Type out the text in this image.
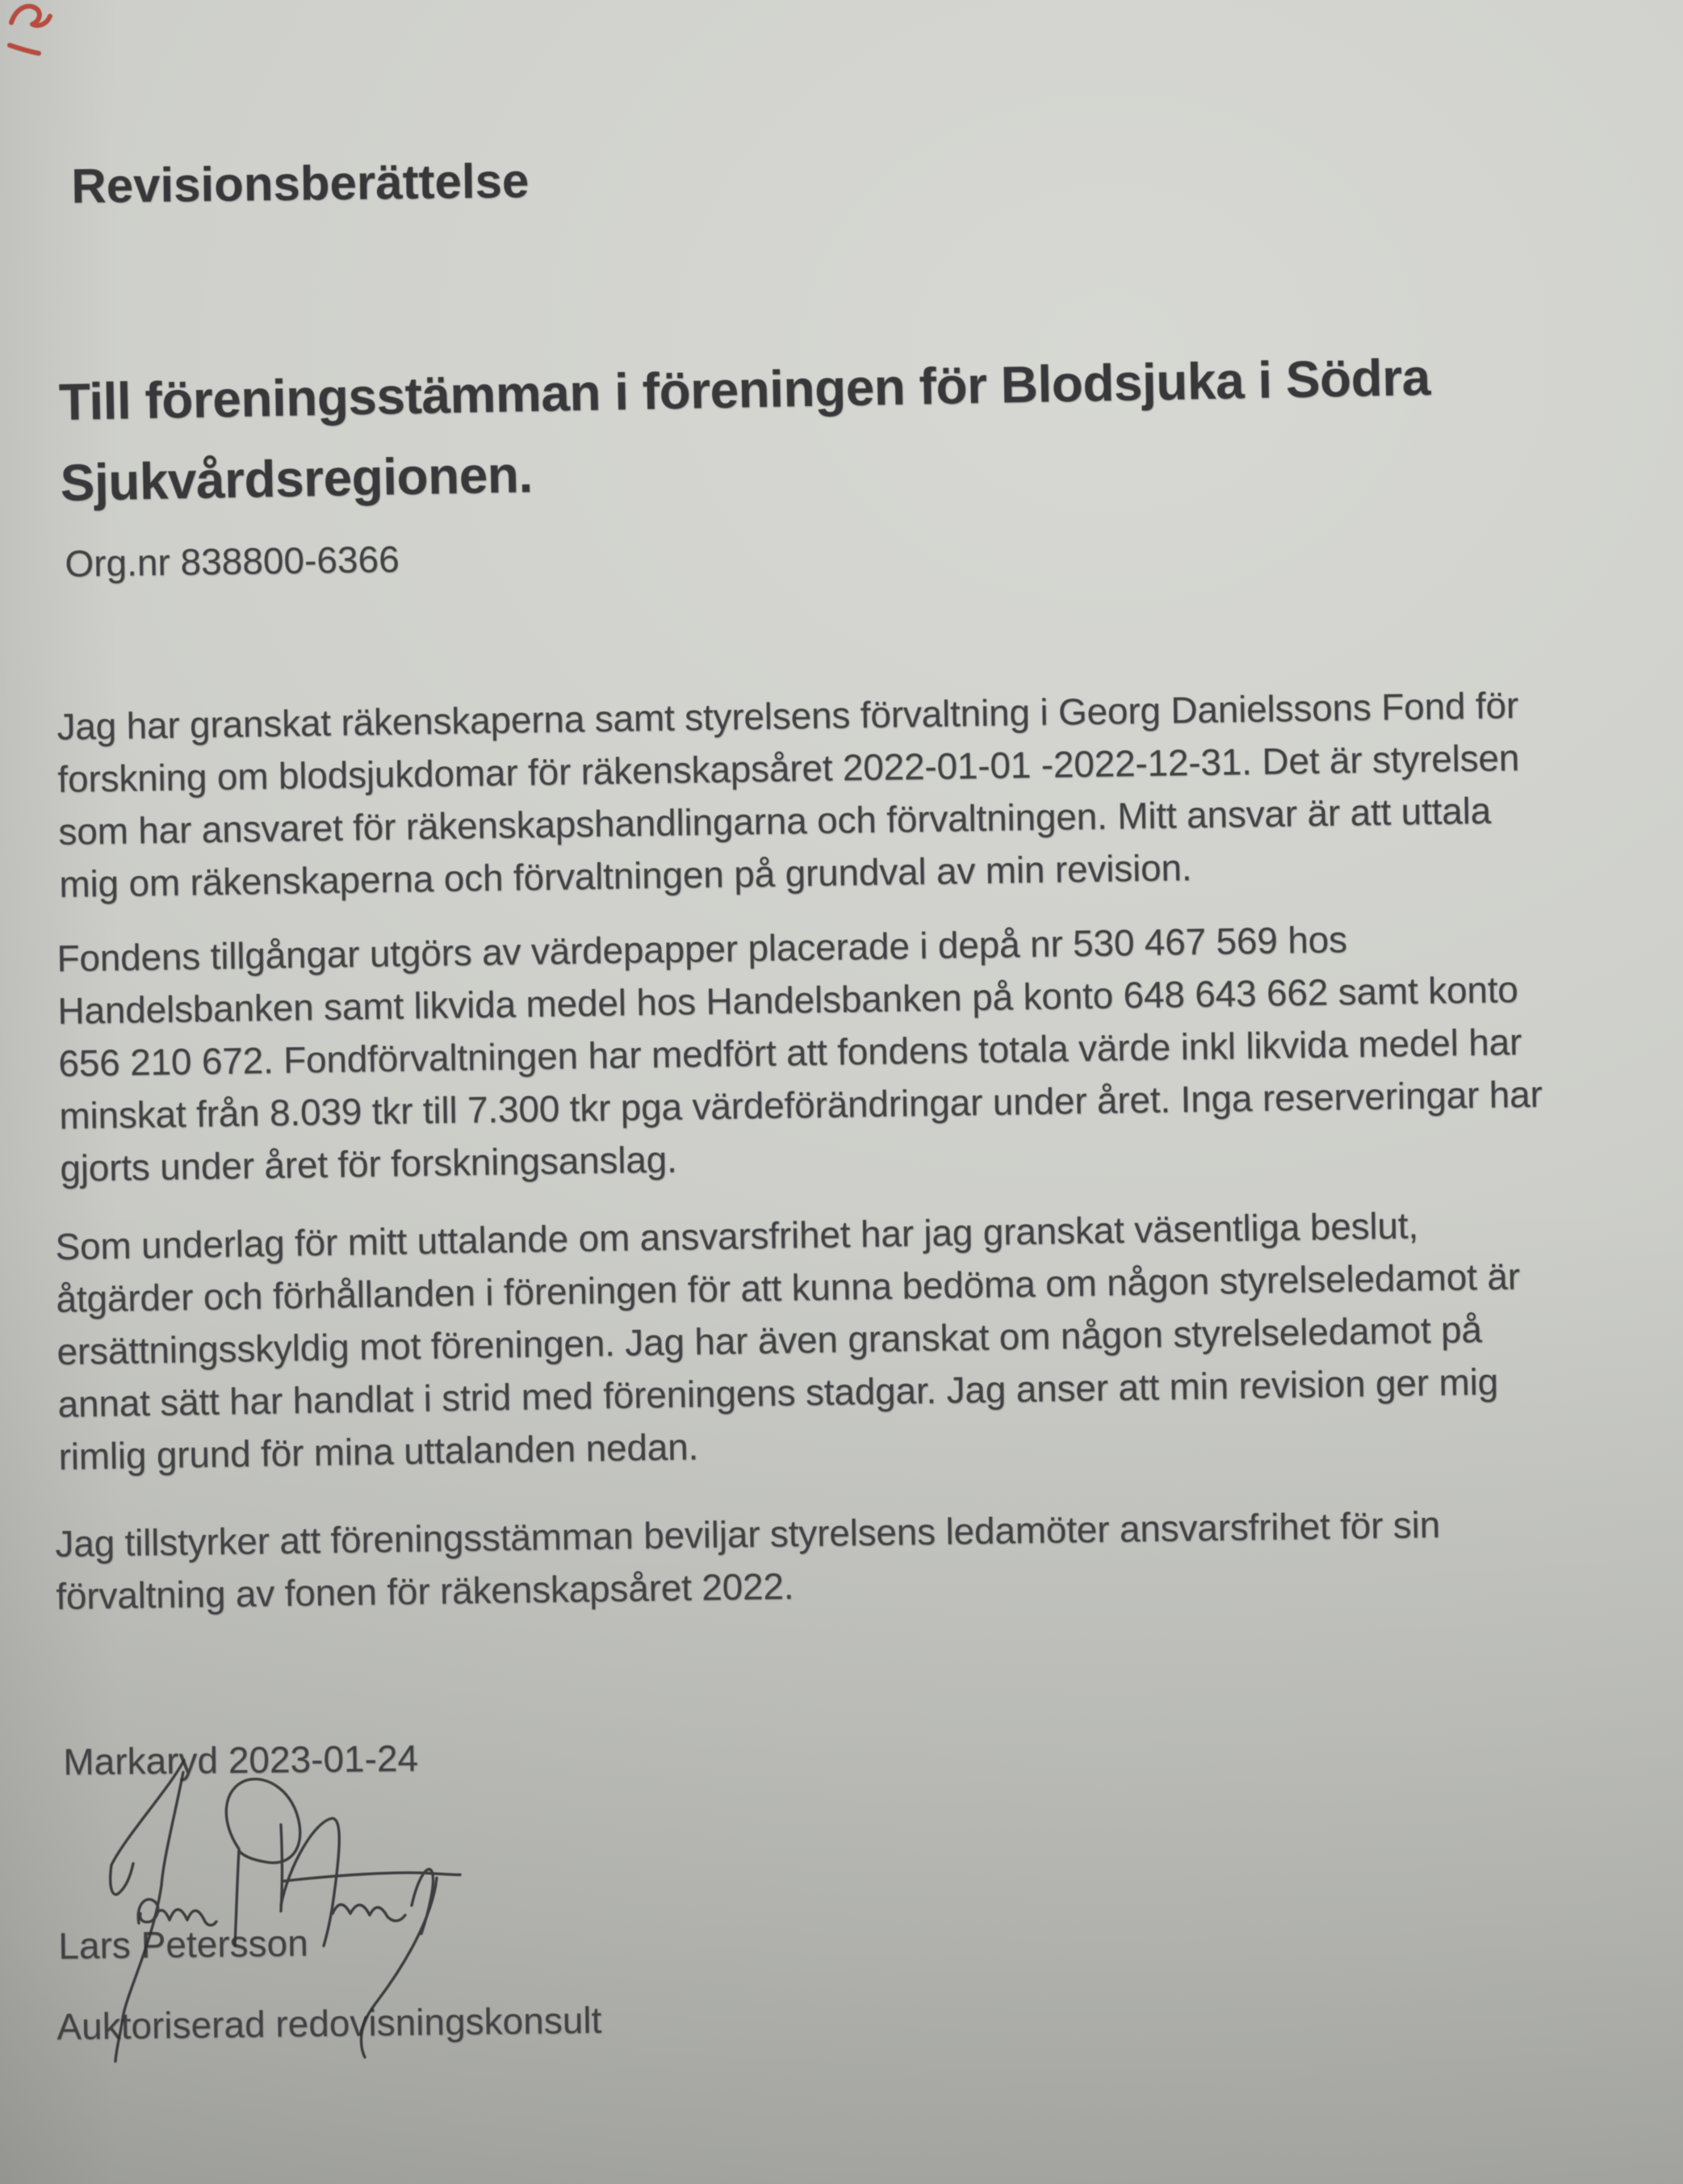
Revisionsberättelse
Till föreningsstämman i föreningen för Blodsjuka i Södra
Sjukvårdsregionen.
Org.nr 838800-6366
Jag har granskat räkenskaperna samt styrelsens förvaltning i Georg Danielssons Fond för
forskning om blodsjukdomar för räkenskapsåret 2022-01-01 -2022-12-31. Det är styrelsen
som har ansvaret för räkenskapshandlingarna och förvaltningen. Mitt ansvar är att uttala
mig om räkenskaperna och förvaltningen på grundval av min revision.
Fondens tillgångar utgörs av värdepapper placerade i depå nr 530 467 569 hos
Handelsbanken samt likvida medel hos Handelsbanken på konto 648 643 662 samt konto
656 210 672. Fondförvaltningen har medfört att fondens totala värde inkl likvida medel har
minskat från 8.039 tkr till 7.300 tkr pga värdeförändringar under året. Inga reserveringar har
gjorts under året för forskningsanslag.
Som underlag för mitt uttalande om ansvarsfrihet har jag granskat väsentliga beslut,
åtgärder och förhållanden i föreningen för att kunna bedöma om någon styrelseledamot är
ersättningsskyldig mot föreningen. Jag har även granskat om någon styrelseledamot på
annat sätt har handlat i strid med föreningens stadgar. Jag anser att min revision ger mig
rimlig grund för mina uttalanden nedan.
Jag tillstyrker att föreningsstämman beviljar styrelsens ledamöter ansvarsfrihet för sin
förvaltning av fonen för räkenskapsåret 2022.
Markaryd 2023-01-24
Lars Petersson
Auktoriserad redovisningskonsult
